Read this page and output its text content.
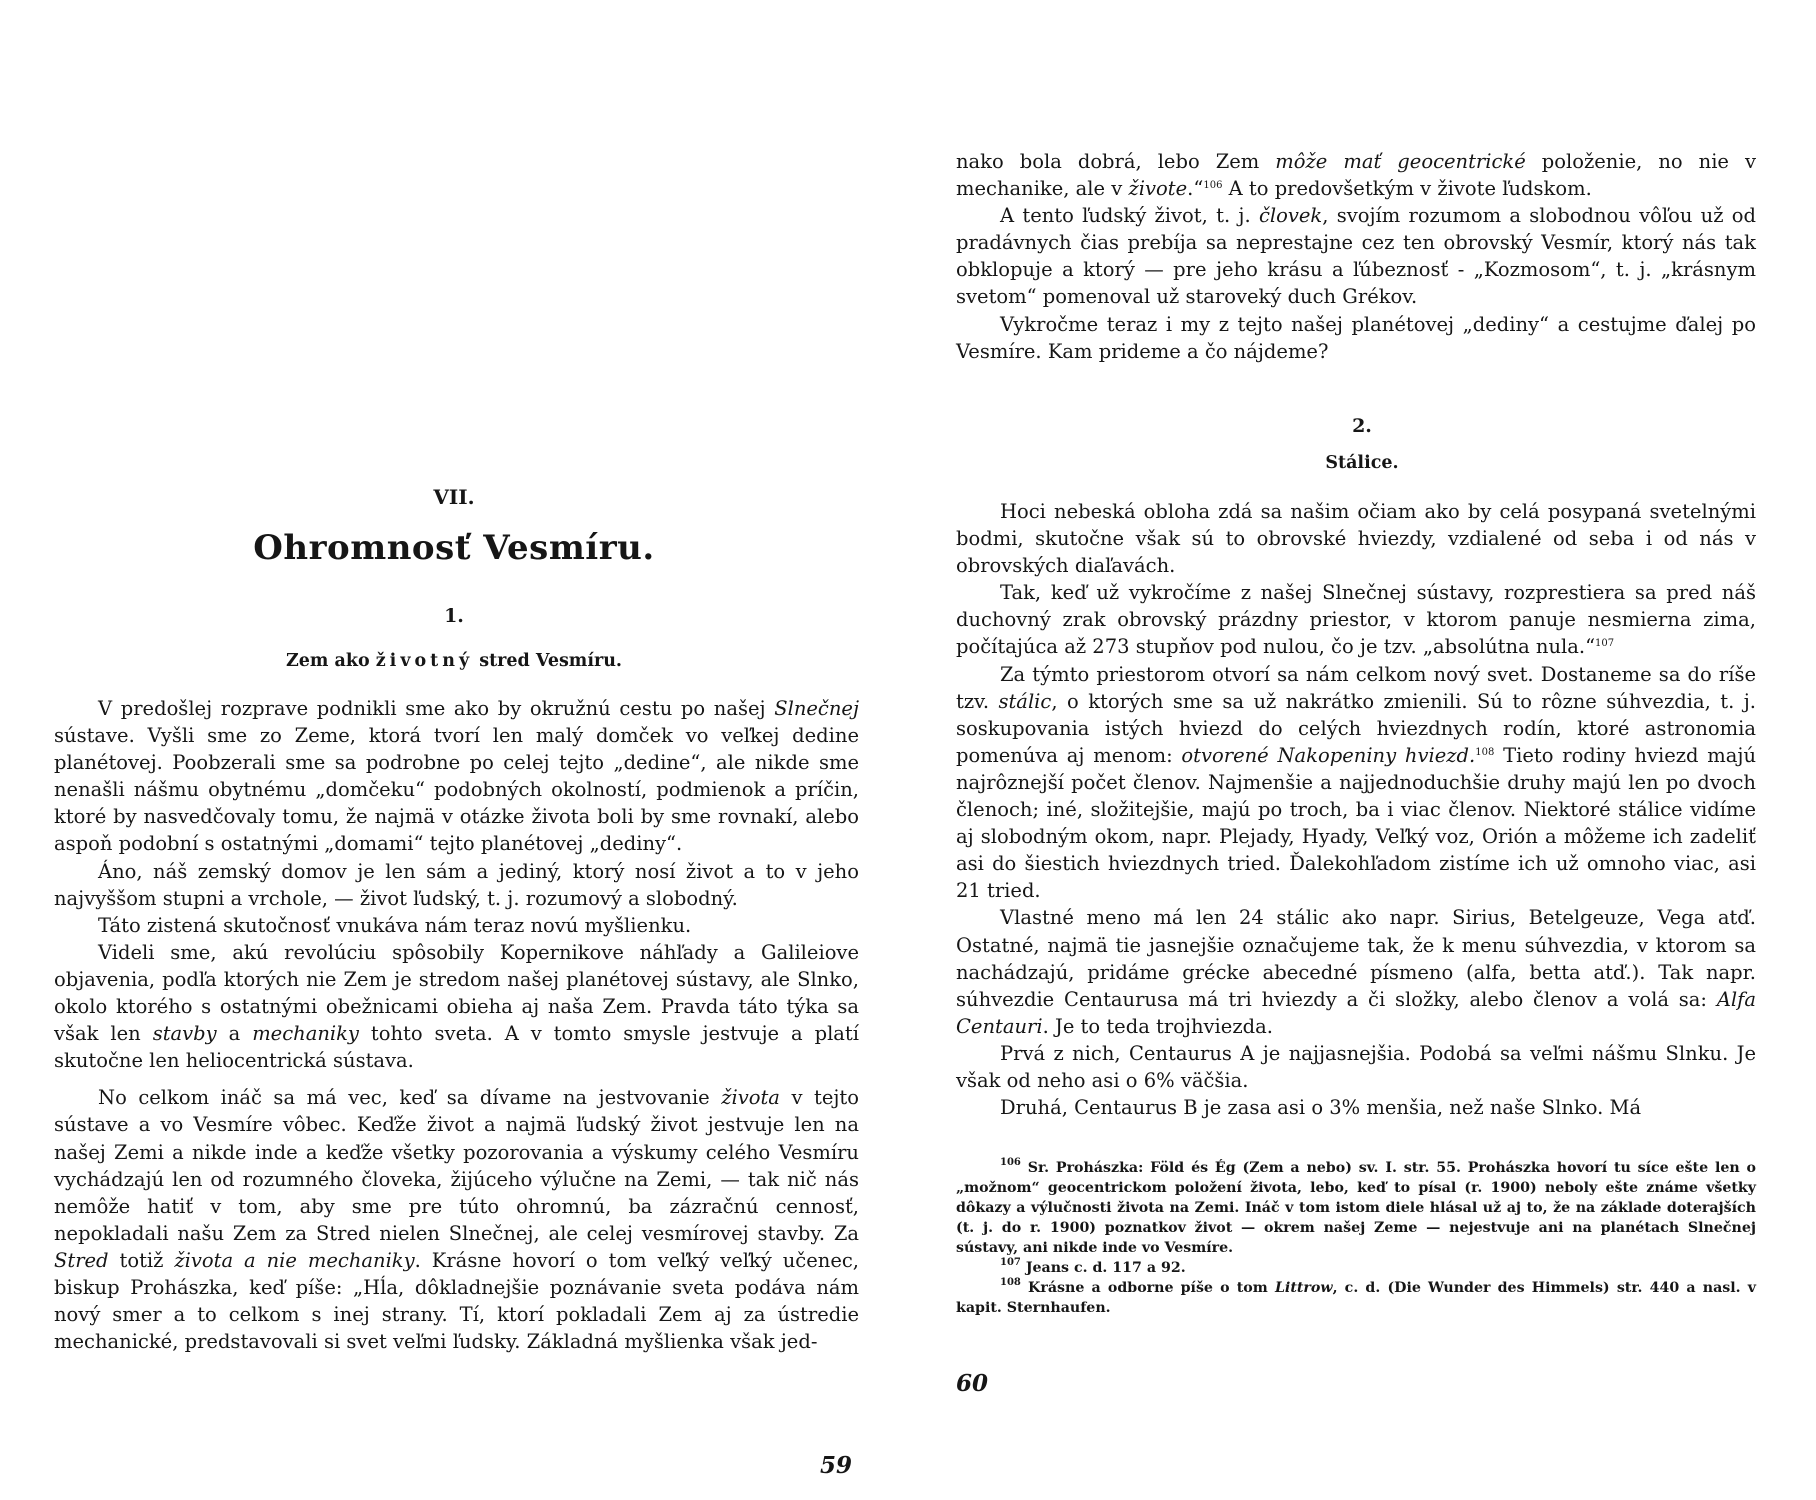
VII.
Ohromnosť Vesmíru.
1.
Zem ako životný stred Vesmíru.

V predošlej rozprave podnikli sme ako by okružnú cestu po našej Slnečnej sústave. Vyšli sme zo Zeme, ktorá tvorí len malý domček vo veľkej dedine planétovej. Poobzerali sme sa podrobne po celej tejto „dedine“, ale nikde sme nenašli nášmu obytnému „domčeku“ podobných okolností, podmienok a príčin, ktoré by nasvedčovaly tomu, že najmä v otázke života boli by sme rovnakí, alebo aspoň podobní s ostatnými „domami“ tejto planétovej „dediny“.

Áno, náš zemský domov je len sám a jediný, ktorý nosí život a to v jeho najvyššom stupni a vrchole, — život ľudský, t. j. rozumový a slobodný.

Táto zistená skutočnosť vnukáva nám teraz novú myšlienku.

Videli sme, akú revolúciu spôsobily Kopernikove náhľady a Galileiove objavenia, podľa ktorých nie Zem je stredom našej planétovej sústavy, ale Slnko, okolo ktorého s ostatnými obežnicami obieha aj naša Zem. Pravda táto týka sa však len stavby a mechaniky tohto sveta. A v tomto smysle jestvuje a platí skutočne len heliocentrická sústava.

No celkom ináč sa má vec, keď sa dívame na jestvovanie života v tejto sústave a vo Vesmíre vôbec. Keďže život a najmä ľudský život jestvuje len na našej Zemi a nikde inde a keďže všetky pozorovania a výskumy celého Vesmíru vychádzajú len od rozumného človeka, žijúceho výlučne na Zemi, — tak nič nás nemôže hatiť v tom, aby sme pre túto ohromnú, ba zázračnú cennosť, nepokladali našu Zem za Stred nielen Slnečnej, ale celej vesmírovej stavby. Za Stred totiž života a nie mechaniky. Krásne hovorí o tom veľký veľký učenec, biskup Prohászka, keď píše: „Hĺa, dôkladnejšie poznávanie sveta podáva nám nový smer a to celkom s inej strany. Tí, ktorí pokladali Zem aj za ústredie mechanické, predstavovali si svet veľmi ľudsky. Základná myšlienka však jed-

59

nako bola dobrá, lebo Zem môže mať geocentrické položenie, no nie v mechanike, ale v živote.“$^{106}$ A to predovšetkým v živote ľudskom.

A tento ľudský život, t. j. človek, svojím rozumom a slobodnou vôľou už od pradávnych čias prebíja sa neprestajne cez ten obrovský Vesmír, ktorý nás tak obklopuje a ktorý — pre jeho krásu a ľúbeznosť - „Kozmosom“, t. j. „krásnym svetom“ pomenoval už staroveký duch Grékov.

Vykročme teraz i my z tejto našej planétovej „dediny“ a cestujme ďalej po Vesmíre. Kam prideme a čo nájdeme?

2.
Stálice.

Hoci nebeská obloha zdá sa našim očiam ako by celá posypaná svetelnými bodmi, skutočne však sú to obrovské hviezdy, vzdialené od seba i od nás v obrovských diaľavách.

Tak, keď už vykročíme z našej Slnečnej sústavy, rozprestiera sa pred náš duchovný zrak obrovský prázdny priestor, v ktorom panuje nesmierna zima, počítajúca až 273 stupňov pod nulou, čo je tzv. „absolútna nula.“$^{107}$

Za týmto priestorom otvorí sa nám celkom nový svet. Dostaneme sa do ríše tzv. stálic, o ktorých sme sa už nakrátko zmienili. Sú to rôzne súhvezdia, t. j. soskupovania istých hviezd do celých hviezdnych rodín, ktoré astronomia pomenúva aj menom: otvorené Nakopeniny hviezd.$^{108}$ Tieto rodiny hviezd majú najrôznejší počet členov. Najmenšie a najjednoduchšie druhy majú len po dvoch členoch; iné, složitejšie, majú po troch, ba i viac členov. Niektoré stálice vidíme aj slobodným okom, napr. Plejady, Hyady, Veľký voz, Orión a môžeme ich zadeliť asi do šiestich hviezdnych tried. Ďalekohľadom zistíme ich už omnoho viac, asi 21 tried.

Vlastné meno má len 24 stálic ako napr. Sirius, Betelgeuze, Vega atď. Ostatné, najmä tie jasnejšie označujeme tak, že k menu súhvezdia, v ktorom sa nachádzajú, pridáme grécke abecedné písmeno (alfa, betta atď.). Tak napr. súhvezdie Centaurusa má tri hviezdy a či složky, alebo členov a volá sa: Alfa Centauri. Je to teda trojhviezda.

Prvá z nich, Centaurus A je najjasnejšia. Podobá sa veľmi nášmu Slnku. Je však od neho asi o 6% väčšia.

Druhá, Centaurus B je zasa asi o 3% menšia, než naše Slnko. Má

$^{106}$ Sr. Prohászka: Föld és Ég (Zem a nebo) sv. I. str. 55. Prohászka hovorí tu síce ešte len o „možnom“ geocentrickom položení života, lebo, keď to písal (r. 1900) neboly ešte známe všetky dôkazy a výlučnosti života na Zemi. Ináč v tom istom diele hlásal už aj to, že na základe doterajších (t. j. do r. 1900) poznatkov život — okrem našej Zeme — nejestvuje ani na planétach Slnečnej sústavy, ani nikde inde vo Vesmíre.

$^{107}$ Jeans c. d. 117 a 92.

$^{108}$ Krásne a odborne píše o tom Littrow, c. d. (Die Wunder des Himmels) str. 440 a nasl. v kapit. Sternhaufen.

60
